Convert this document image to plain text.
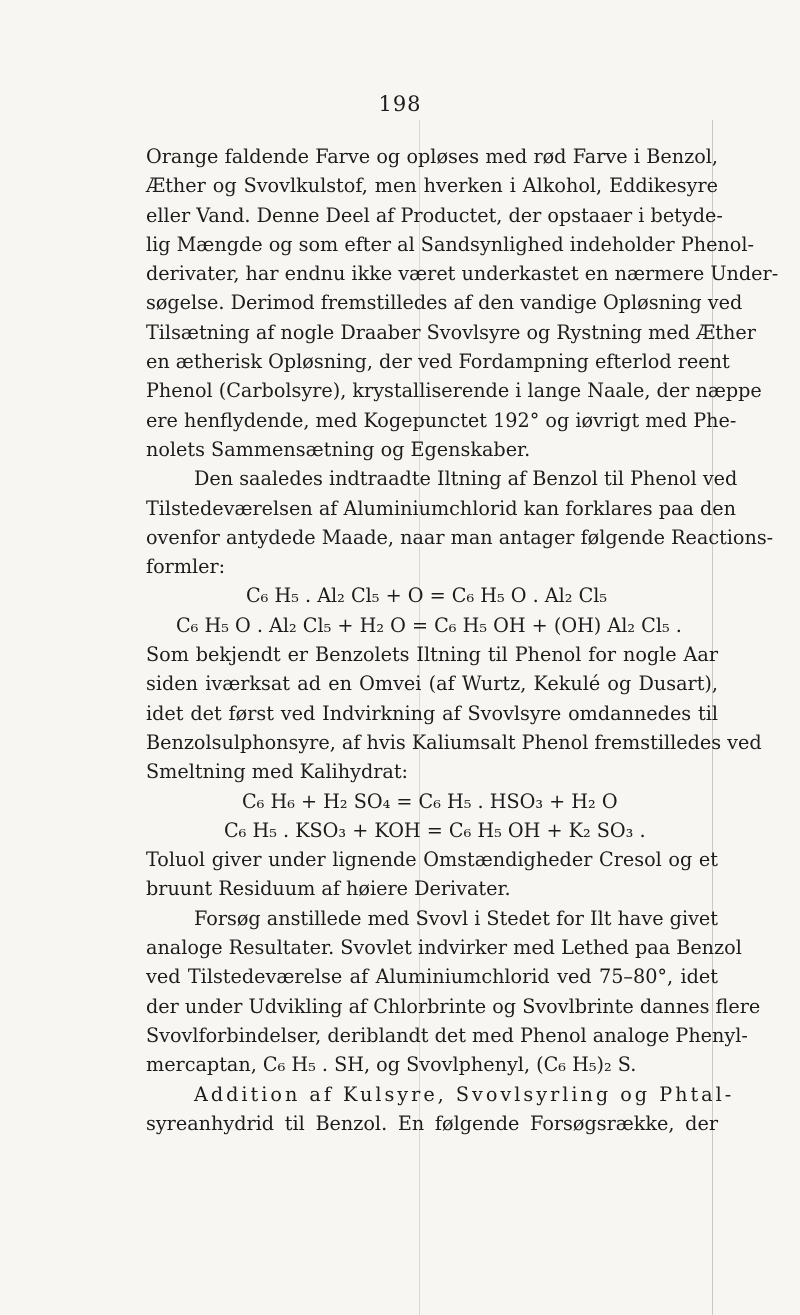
198
Orange faldende Farve og opløses med rød Farve i Benzol,
Æther og Svovlkulstof, men hverken i Alkohol, Eddikesyre
eller Vand. Denne Deel af Productet, der opstaaer i betyde-
lig Mængde og som efter al Sandsynlighed indeholder Phenol-
derivater, har endnu ikke været underkastet en nærmere Under-
søgelse. Derimod fremstilledes af den vandige Opløsning ved
Tilsætning af nogle Draaber Svovlsyre og Rystning med Æther
en ætherisk Opløsning, der ved Fordampning efterlod reent
Phenol (Carbolsyre), krystalliserende i lange Naale, der næppe
ere henflydende, med Kogepunctet 192° og iøvrigt med Phe-
nolets Sammensætning og Egenskaber.
Den saaledes indtraadte Iltning af Benzol til Phenol ved
Tilstedeværelsen af Aluminiumchlorid kan forklares paa den
ovenfor antydede Maade, naar man antager følgende Reactions-
formler:
C₆ H₅ . Al₂ Cl₅ + O = C₆ H₅ O . Al₂ Cl₅
C₆ H₅ O . Al₂ Cl₅ + H₂ O = C₆ H₅ OH + (OH) Al₂ Cl₅ .
Som bekjendt er Benzolets Iltning til Phenol for nogle Aar
siden iværksat ad en Omvei (af Wurtz, Kekulé og Dusart),
idet det først ved Indvirkning af Svovlsyre omdannedes til
Benzolsulphonsyre, af hvis Kaliumsalt Phenol fremstilledes ved
Smeltning med Kalihydrat:
C₆ H₆ + H₂ SO₄ = C₆ H₅ . HSO₃ + H₂ O
C₆ H₅ . KSO₃ + KOH = C₆ H₅ OH + K₂ SO₃ .
Toluol giver under lignende Omstændigheder Cresol og et
bruunt Residuum af høiere Derivater.
Forsøg anstillede med Svovl i Stedet for Ilt have givet
analoge Resultater. Svovlet indvirker med Lethed paa Benzol
ved Tilstedeværelse af Aluminiumchlorid ved 75–80°, idet
der under Udvikling af Chlorbrinte og Svovlbrinte dannes flere
Svovlforbindelser, deriblandt det med Phenol analoge Phenyl-
mercaptan, C₆ H₅ . SH, og Svovlphenyl, (C₆ H₅)₂ S.
Addition af Kulsyre, Svovlsyrling og Phtal-
syreanhydrid til Benzol. En følgende Forsøgsrække, der
